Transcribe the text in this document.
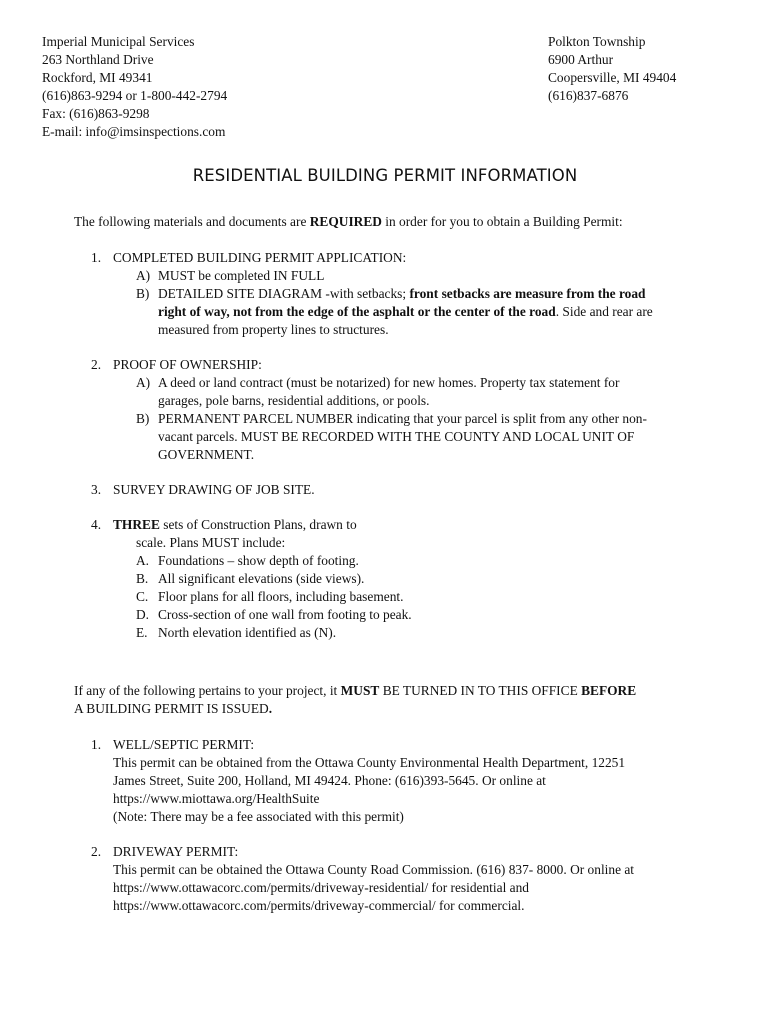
Imperial Municipal Services
263 Northland Drive
Rockford, MI 49341
(616)863-9294 or 1-800-442-2794
Fax: (616)863-9298
E-mail: info@imsinspections.com
Polkton Township
6900 Arthur
Coopersville, MI 49404
(616)837-6876
RESIDENTIAL BUILDING PERMIT INFORMATION
The following materials and documents are REQUIRED in order for you to obtain a Building Permit:
1. COMPLETED BUILDING PERMIT APPLICATION:
A) MUST be completed IN FULL
B) DETAILED SITE DIAGRAM -with setbacks; front setbacks are measure from the road
right of way, not from the edge of the asphalt or the center of the road. Side and rear are
measured from property lines to structures.
2. PROOF OF OWNERSHIP:
A) A deed or land contract (must be notarized) for new homes. Property tax statement for
garages, pole barns, residential additions, or pools.
B) PERMANENT PARCEL NUMBER indicating that your parcel is split from any other non-
vacant parcels. MUST BE RECORDED WITH THE COUNTY AND LOCAL UNIT OF
GOVERNMENT.
3. SURVEY DRAWING OF JOB SITE.
4. THREE sets of Construction Plans, drawn to
scale. Plans MUST include:
A. Foundations – show depth of footing.
B. All significant elevations (side views).
C. Floor plans for all floors, including basement.
D. Cross-section of one wall from footing to peak.
E. North elevation identified as (N).
If any of the following pertains to your project, it MUST BE TURNED IN TO THIS OFFICE BEFORE
A BUILDING PERMIT IS ISSUED.
1. WELL/SEPTIC PERMIT:
This permit can be obtained from the Ottawa County Environmental Health Department, 12251
James Street, Suite 200, Holland, MI 49424. Phone: (616)393-5645. Or online at
https://www.miottawa.org/HealthSuite
(Note: There may be a fee associated with this permit)
2. DRIVEWAY PERMIT:
This permit can be obtained the Ottawa County Road Commission. (616) 837- 8000. Or online at
https://www.ottawacorc.com/permits/driveway-residential/ for residential and
https://www.ottawacorc.com/permits/driveway-commercial/ for commercial.
